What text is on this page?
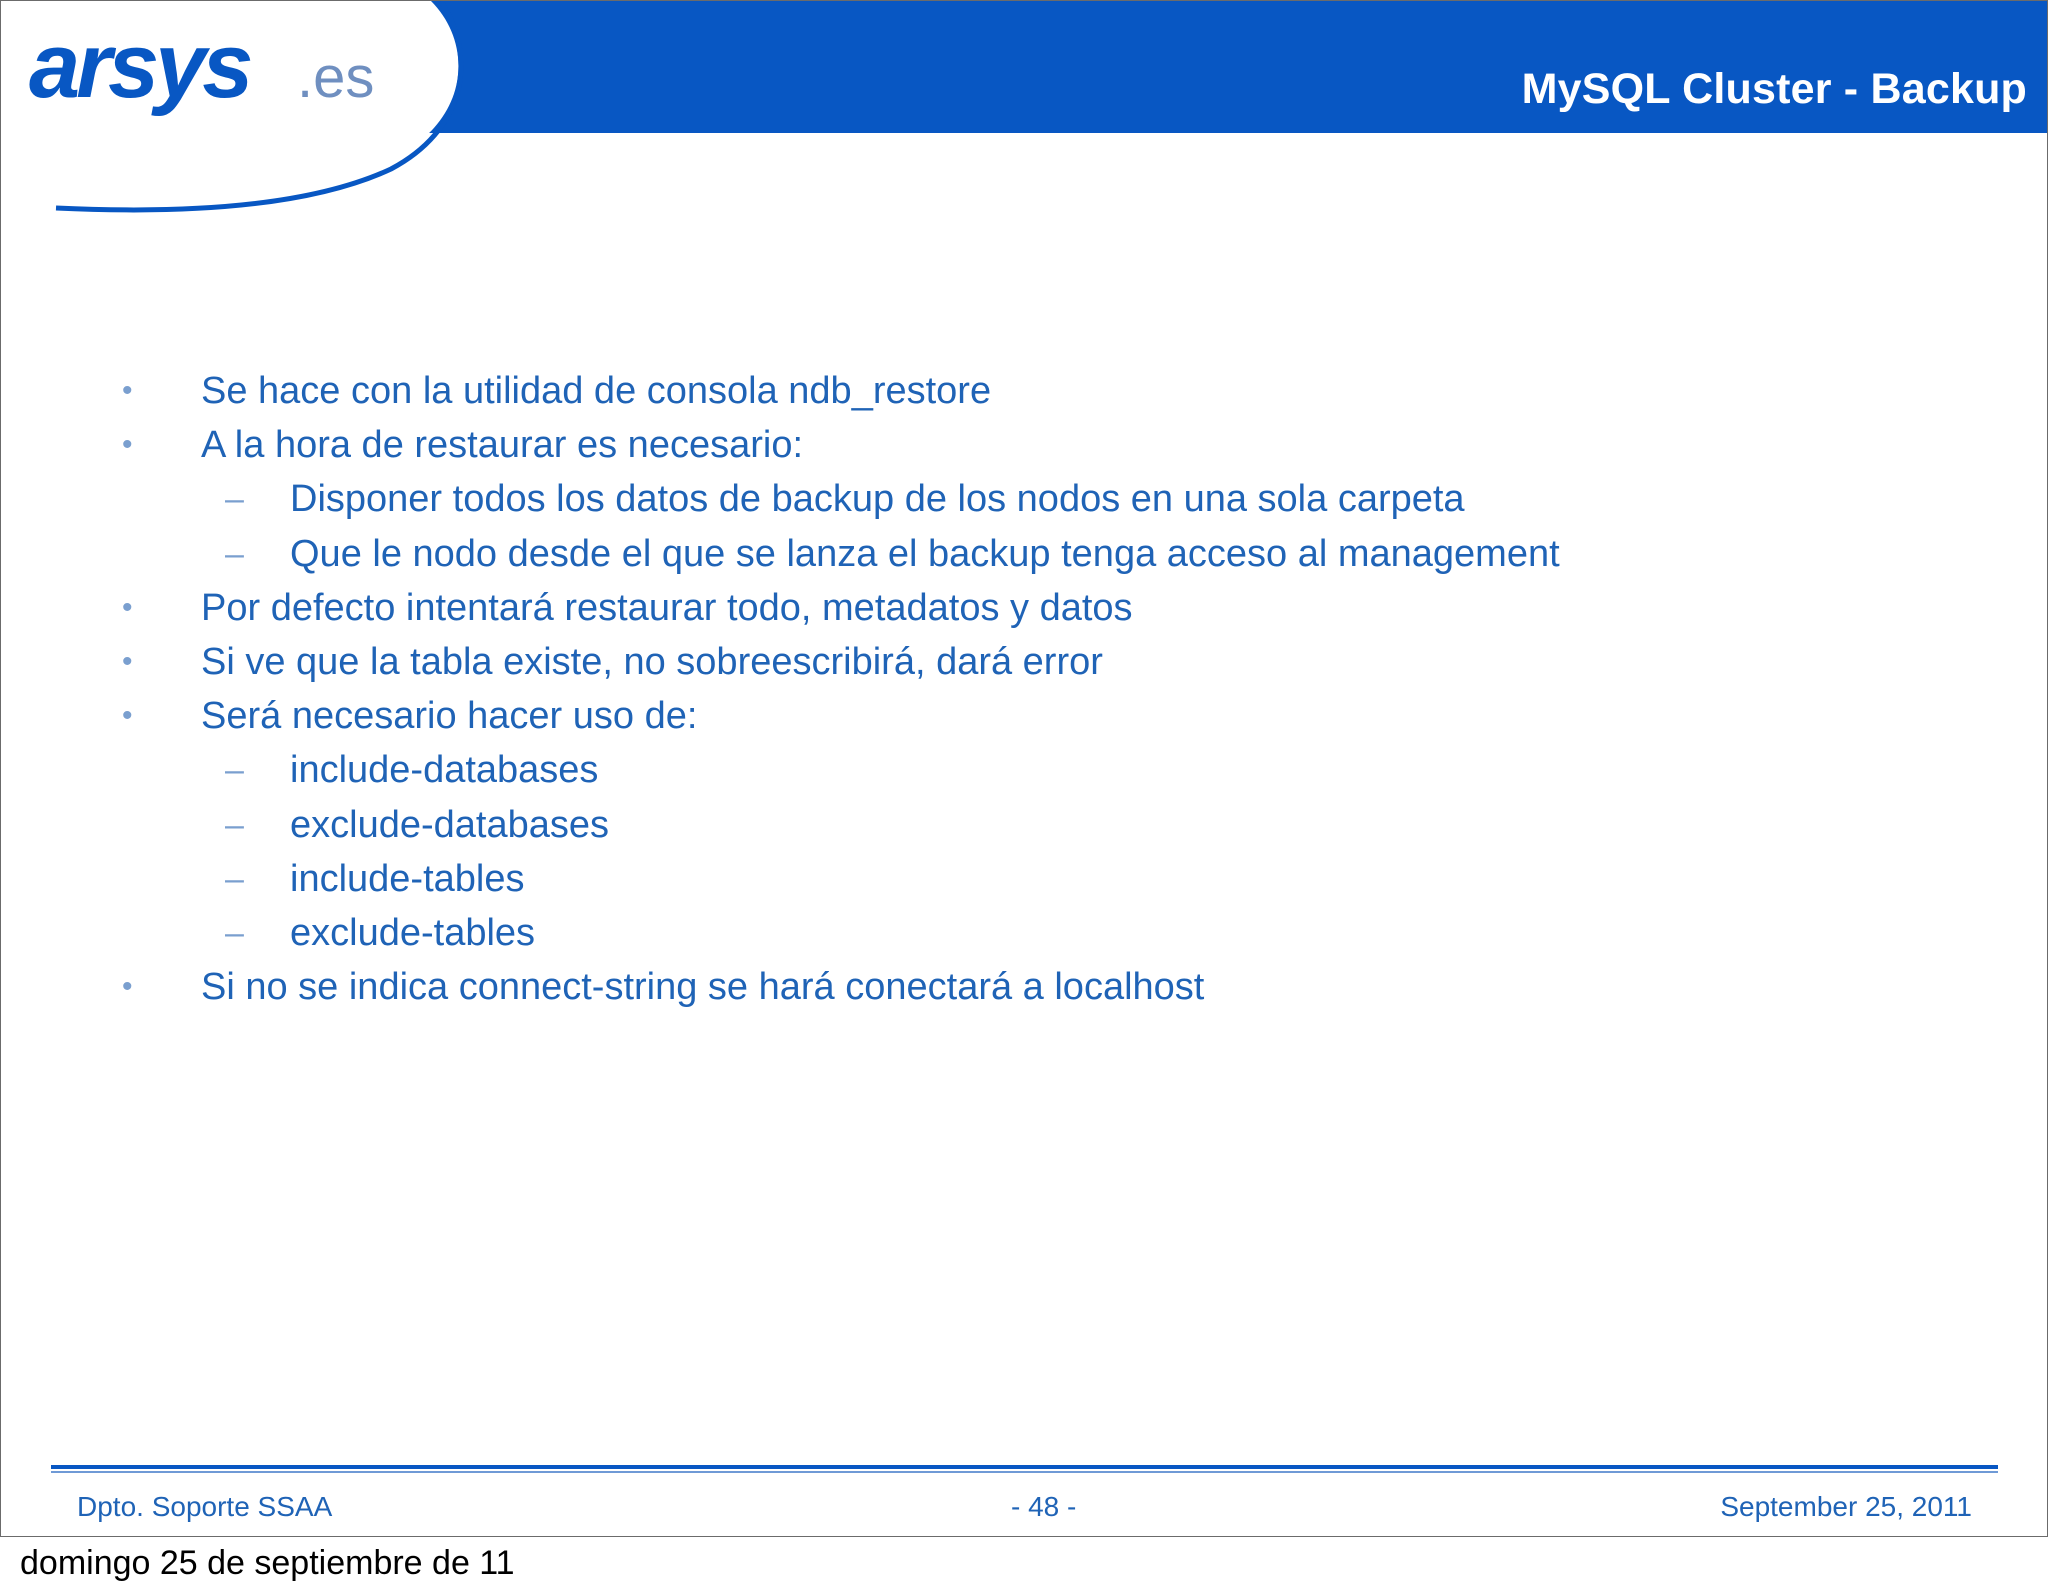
arsys .es	MySQL Cluster - Backup
• Se hace con la utilidad de consola ndb_restore
• A la hora de restaurar es necesario:
– Disponer todos los datos de backup de los nodos en una sola carpeta
– Que le nodo desde el que se lanza el backup tenga acceso al management
• Por defecto intentará restaurar todo, metadatos y datos
• Si ve que la tabla existe, no sobreescribirá, dará error
• Será necesario hacer uso de:
– include-databases
– exclude-databases
– include-tables
– exclude-tables
• Si no se indica connect-string se hará conectará a localhost
Dpto. Soporte SSAA	- 48 -	September 25, 2011
domingo 25 de septiembre de 11
